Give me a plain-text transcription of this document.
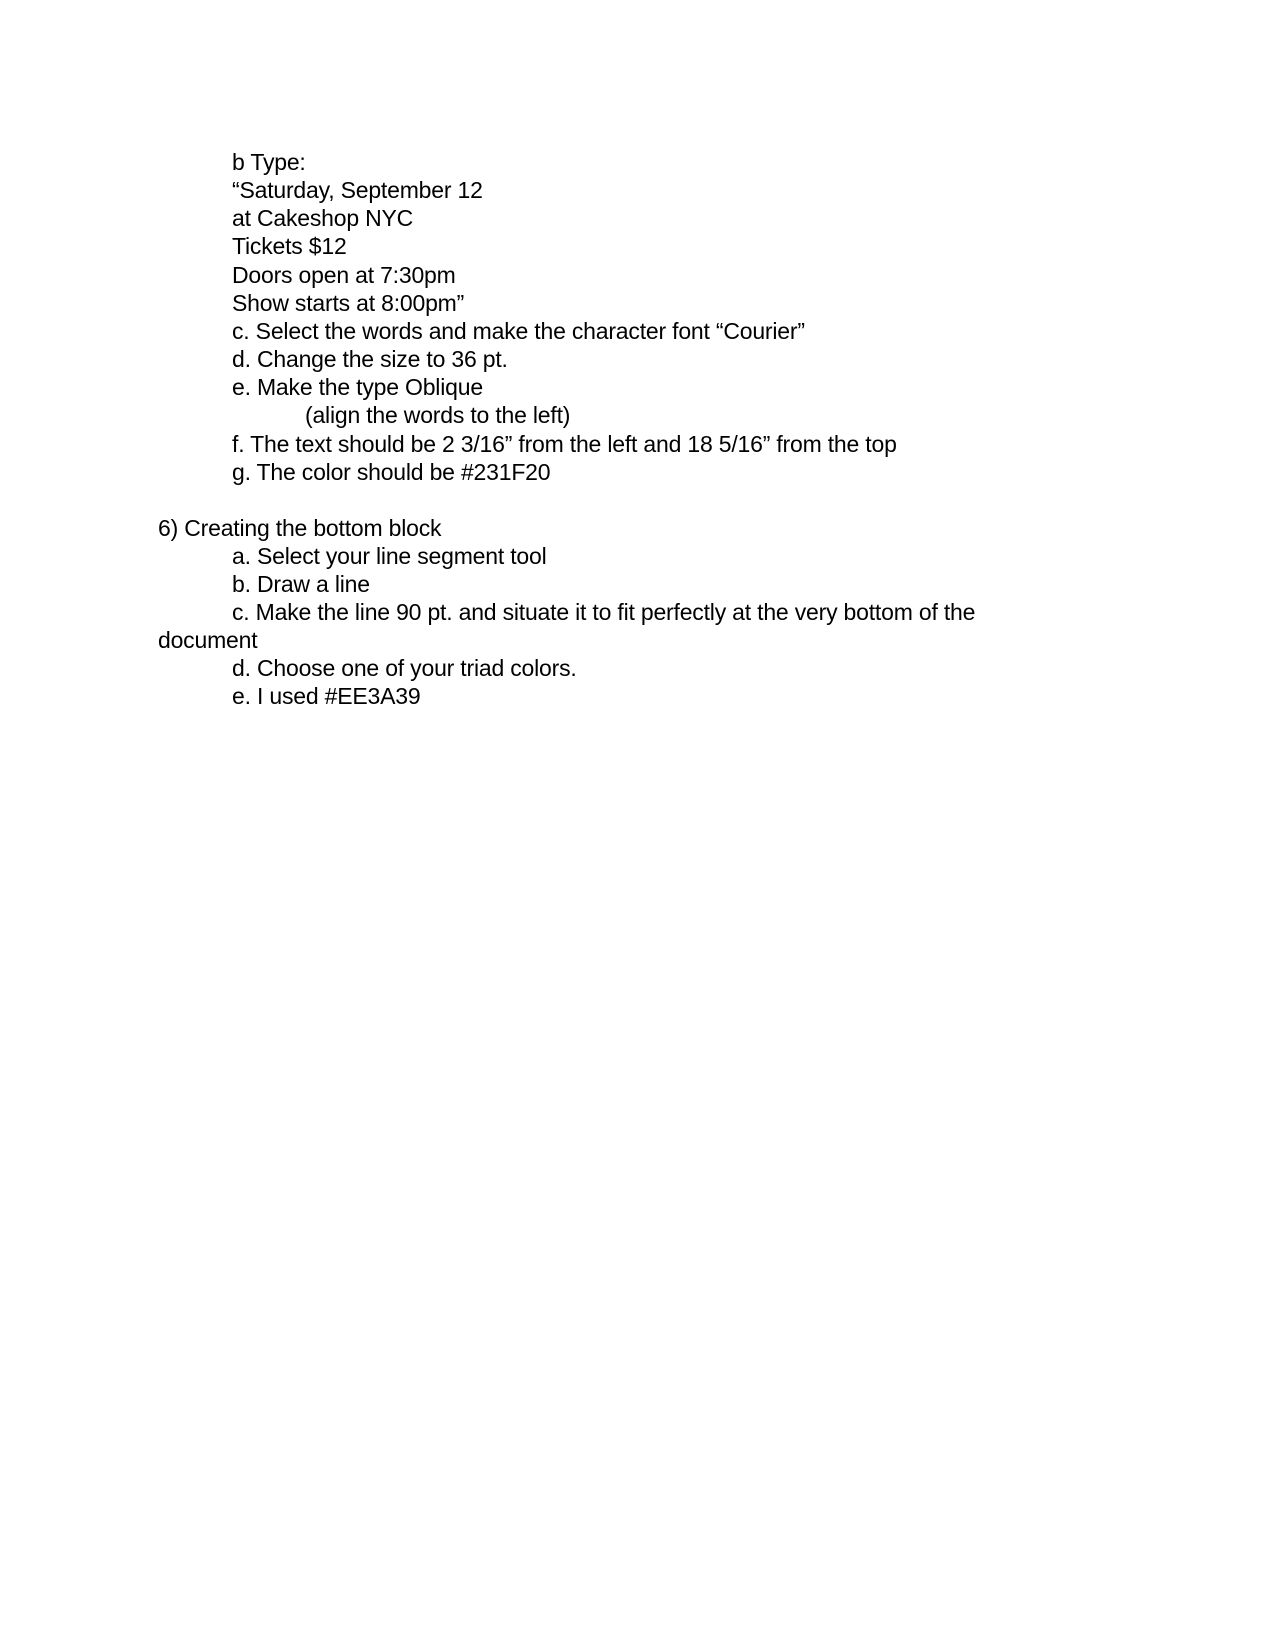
b Type:
“Saturday, September 12
at Cakeshop NYC
Tickets $12
Doors open at 7:30pm
Show starts at 8:00pm”
c. Select the words and make the character font “Courier”
d. Change the size to 36 pt.
e. Make the type Oblique
(align the words to the left)
f. The text should be 2 3/16” from the left and 18 5/16” from the top
g. The color should be #231F20
6) Creating the bottom block
a. Select your line segment tool
b. Draw a line
c. Make the line 90 pt. and situate it to fit perfectly at the very bottom of the
document
d. Choose one of your triad colors.
e. I used #EE3A39
